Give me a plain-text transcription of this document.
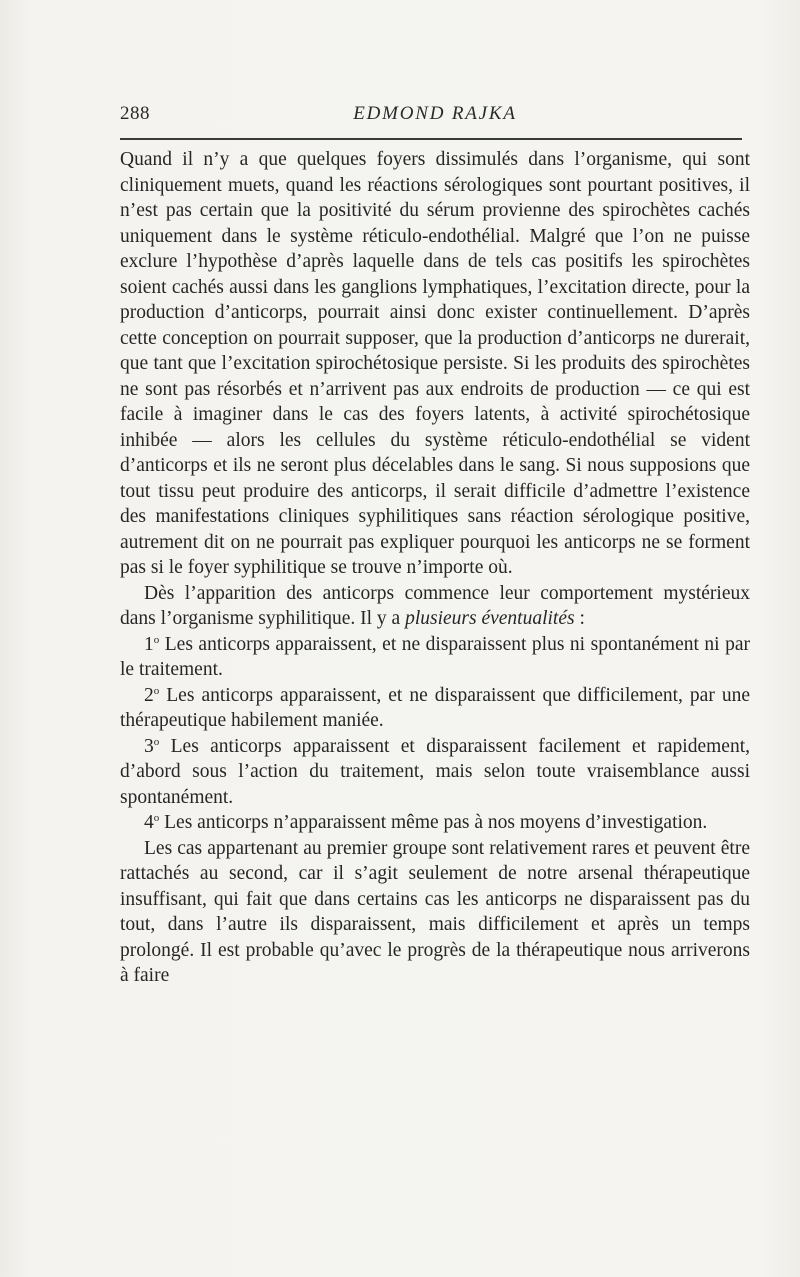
288	EDMOND RAJKA

Quand il n’y a que quelques foyers dissimulés dans l’organisme, qui sont cliniquement muets, quand les réactions sérologiques sont pourtant positives, il n’est pas certain que la positivité du sérum provienne des spirochètes cachés uniquement dans le système réticulo-endothélial. Malgré que l’on ne puisse exclure l’hypothèse d’après laquelle dans de tels cas positifs les spirochètes soient cachés aussi dans les ganglions lymphatiques, l’excitation directe, pour la production d’anticorps, pourrait ainsi donc exister continuellement. D’après cette conception on pourrait supposer, que la production d’anticorps ne durerait, que tant que l’excitation spirochétosique persiste. Si les produits des spirochètes ne sont pas résorbés et n’arrivent pas aux endroits de production — ce qui est facile à imaginer dans le cas des foyers latents, à activité spirochétosique inhibée — alors les cellules du système réticulo-endothélial se vident d’anticorps et ils ne seront plus décelables dans le sang. Si nous supposions que tout tissu peut produire des anticorps, il serait difficile d’admettre l’existence des manifestations cliniques syphilitiques sans réaction sérologique positive, autrement dit on ne pourrait pas expliquer pourquoi les anticorps ne se forment pas si le foyer syphilitique se trouve n’importe où.

Dès l’apparition des anticorps commence leur comportement mystérieux dans l’organisme syphilitique. Il y a plusieurs éventualités :

1$^o$ Les anticorps apparaissent, et ne disparaissent plus ni spontanément ni par le traitement.

2$^o$ Les anticorps apparaissent, et ne disparaissent que difficilement, par une thérapeutique habilement maniée.

3$^o$ Les anticorps apparaissent et disparaissent facilement et rapidement, d’abord sous l’action du traitement, mais selon toute vraisemblance aussi spontanément.

4$^o$ Les anticorps n’apparaissent même pas à nos moyens d’investigation.

Les cas appartenant au premier groupe sont relativement rares et peuvent être rattachés au second, car il s’agit seulement de notre arsenal thérapeutique insuffisant, qui fait que dans certains cas les anticorps ne disparaissent pas du tout, dans l’autre ils disparaissent, mais difficilement et après un temps prolongé. Il est probable qu’avec le progrès de la thérapeutique nous arriverons à faire
